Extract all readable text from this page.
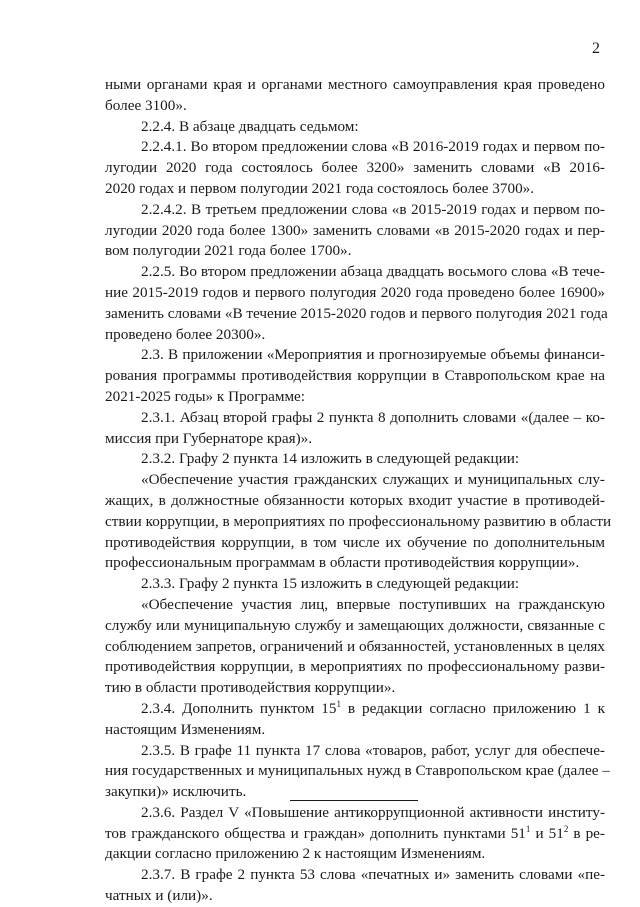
2
ными органами края и органами местного самоуправления края проведено
более 3100».
2.2.4. В абзаце двадцать седьмом:
2.2.4.1. Во втором предложении слова «В 2016-2019 годах и первом по-
лугодии 2020 года состоялось более 3200» заменить словами «В 2016-
2020 годах и первом полугодии 2021 года состоялось более 3700».
2.2.4.2. В третьем предложении слова «в 2015-2019 годах и первом по-
лугодии 2020 года более 1300» заменить словами «в 2015-2020 годах и пер-
вом полугодии 2021 года более 1700».
2.2.5. Во втором предложении абзаца двадцать восьмого слова «В тече-
ние 2015-2019 годов и первого полугодия 2020 года проведено более 16900»
заменить словами «В течение 2015-2020 годов и первого полугодия 2021 года
проведено более 20300».
2.3. В приложении «Мероприятия и прогнозируемые объемы финанси-
рования программы противодействия коррупции в Ставропольском крае на
2021-2025 годы» к Программе:
2.3.1. Абзац второй графы 2 пункта 8 дополнить словами «(далее – ко-
миссия при Губернаторе края)».
2.3.2. Графу 2 пункта 14 изложить в следующей редакции:
«Обеспечение участия гражданских служащих и муниципальных слу-
жащих, в должностные обязанности которых входит участие в противодей-
ствии коррупции, в мероприятиях по профессиональному развитию в области
противодействия коррупции, в том числе их обучение по дополнительным
профессиональным программам в области противодействия коррупции».
2.3.3. Графу 2 пункта 15 изложить в следующей редакции:
«Обеспечение участия лиц, впервые поступивших на гражданскую
службу или муниципальную службу и замещающих должности, связанные с
соблюдением запретов, ограничений и обязанностей, установленных в целях
противодействия коррупции, в мероприятиях по профессиональному разви-
тию в области противодействия коррупции».
2.3.4. Дополнить пунктом $15^1$ в редакции согласно приложению 1 к
настоящим Изменениям.
2.3.5. В графе 11 пункта 17 слова «товаров, работ, услуг для обеспече-
ния государственных и муниципальных нужд в Ставропольском крае (далее –
закупки)» исключить.
2.3.6. Раздел V «Повышение антикоррупционной активности институ-
тов гражданского общества и граждан» дополнить пунктами $51^1$ и $51^2$ в ре-
дакции согласно приложению 2 к настоящим Изменениям.
2.3.7. В графе 2 пункта 53 слова «печатных и» заменить словами «пе-
чатных и (или)».
